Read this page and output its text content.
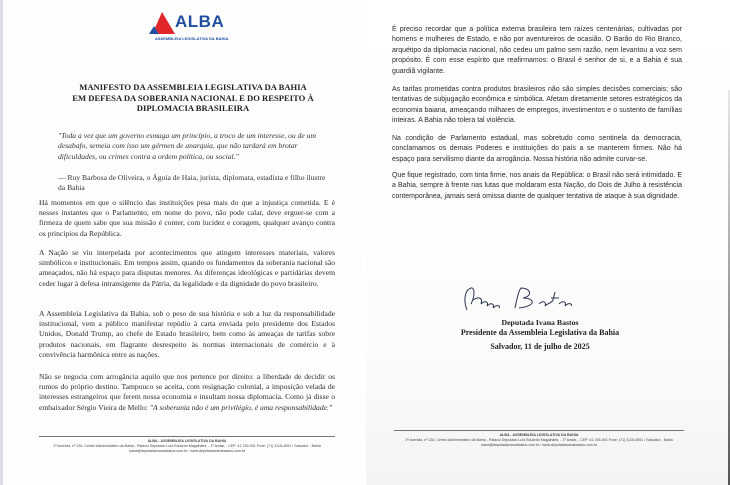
ALBA
ASSEMBLEIA LEGISLATIVA DA BAHIA
MANIFESTO DA ASSEMBLEIA LEGISLATIVA DA BAHIA
EM DEFESA DA SOBERANIA NACIONAL E DO RESPEITO À
DIPLOMACIA BRASILEIRA
"Toda a vez que um governo esmaga um princípio, a troco de um interesse, ou de um desabafo, semeia com isso um gérmen de anarquia, que não tardará em brotar dificuldades, ou crimes contra a ordem política, ou social."
— Ruy Barbosa de Oliveira, o Águia de Haia, jurista, diplomata, estadista e filho ilustre da Bahia

Há momentos em que o silêncio das instituições pesa mais do que a injustiça cometida. E é nesses instantes que o Parlamento, em nome do povo, não pode calar, deve erguer-se com a firmeza de quem sabe que sua missão é conter, com lucidez e coragem, qualquer avanço contra os princípios da República.

A Nação se viu interpelada por acontecimentos que atingem interesses materiais, valores simbólicos e institucionais. Em tempos assim, quando os fundamentos da soberania nacional são ameaçados, não há espaço para disputas menores. As diferenças ideológicas e partidárias devem ceder lugar à defesa intransigente da Pátria, da legalidade e da dignidade do povo brasileiro.

A Assembleia Legislativa da Bahia, sob o peso de sua história e sob a luz da responsabilidade institucional, vem a público manifestar repúdio à carta enviada pelo presidente dos Estados Unidos, Donald Trump, ao chefe de Estado brasileiro, bem como às ameaças de tarifas sobre produtos nacionais, em flagrante desrespeito às normas internacionais de comércio e à convivência harmônica entre as nações.

Não se negocia com arrogância aquilo que nos pertence por direito: a liberdade de decidir os rumos do próprio destino. Tampouco se aceita, com resignação colonial, a imposição velada de interesses estrangeiros que ferem nossa economia e insultam nossa diplomacia. Como já disse o embaixador Sérgio Vieira de Mello: "A soberania não é um privilégio, é uma responsabilidade."

ALBA - ASSEMBLEIA LEGISLATIVA DA BAHIA
1ª avenida, nº 130, Centro Administrativo da Bahia - Palácio Deputado Luís Eduardo Magalhães, - 1º Andar, - CEP: 41.745-001 Fone: (71) 3115-4051 / Salvador - Bahia
ivana@deputadaivanabastos.com.br / www.deputadaivanabastos.com.br

É preciso recordar que a política externa brasileira tem raízes centenárias, cultivadas por homens e mulheres de Estado, e não por aventureiros de ocasião. O Barão do Rio Branco, arquétipo da diplomacia nacional, não cedeu um palmo sem razão, nem levantou a voz sem propósito. É com esse espírito que reafirmamos: o Brasil é senhor de si, e a Bahia é sua guardiã vigilante.

As tarifas prometidas contra produtos brasileiros não são simples decisões comerciais; são tentativas de subjugação econômica e simbólica. Afetam diretamente setores estratégicos da economia baiana, ameaçando milhares de empregos, investimentos e o sustento de famílias inteiras. A Bahia não tolera tal violência.

Na condição de Parlamento estadual, mas sobretudo como sentinela da democracia, conclamamos os demais Poderes e instituições do país a se manterem firmes. Não há espaço para servilismo diante da arrogância. Nossa história não admite curvar-se.

Que fique registrado, com tinta firme, nos anais da República: o Brasil não será intimidado. E a Bahia, sempre à frente nas lutas que moldaram esta Nação, do Dois de Julho à resistência contemporânea, jamais será omissa diante de qualquer tentativa de ataque à sua dignidade.

Deputada Ivana Bastos
Presidente da Assembleia Legislativa da Bahia
Salvador, 11 de julho de 2025
ALBA - ASSEMBLEIA LEGISLATIVA DA BAHIA
1ª avenida, nº 130, Centro Administrativo da Bahia - Palácio Deputado Luís Eduardo Magalhães, - 1º Andar, - CEP: 41.745-001 Fone: (71) 3115-4051 / Salvador - Bahia
ivana@deputadaivanabastos.com.br / www.deputadaivanabastos.com.br
